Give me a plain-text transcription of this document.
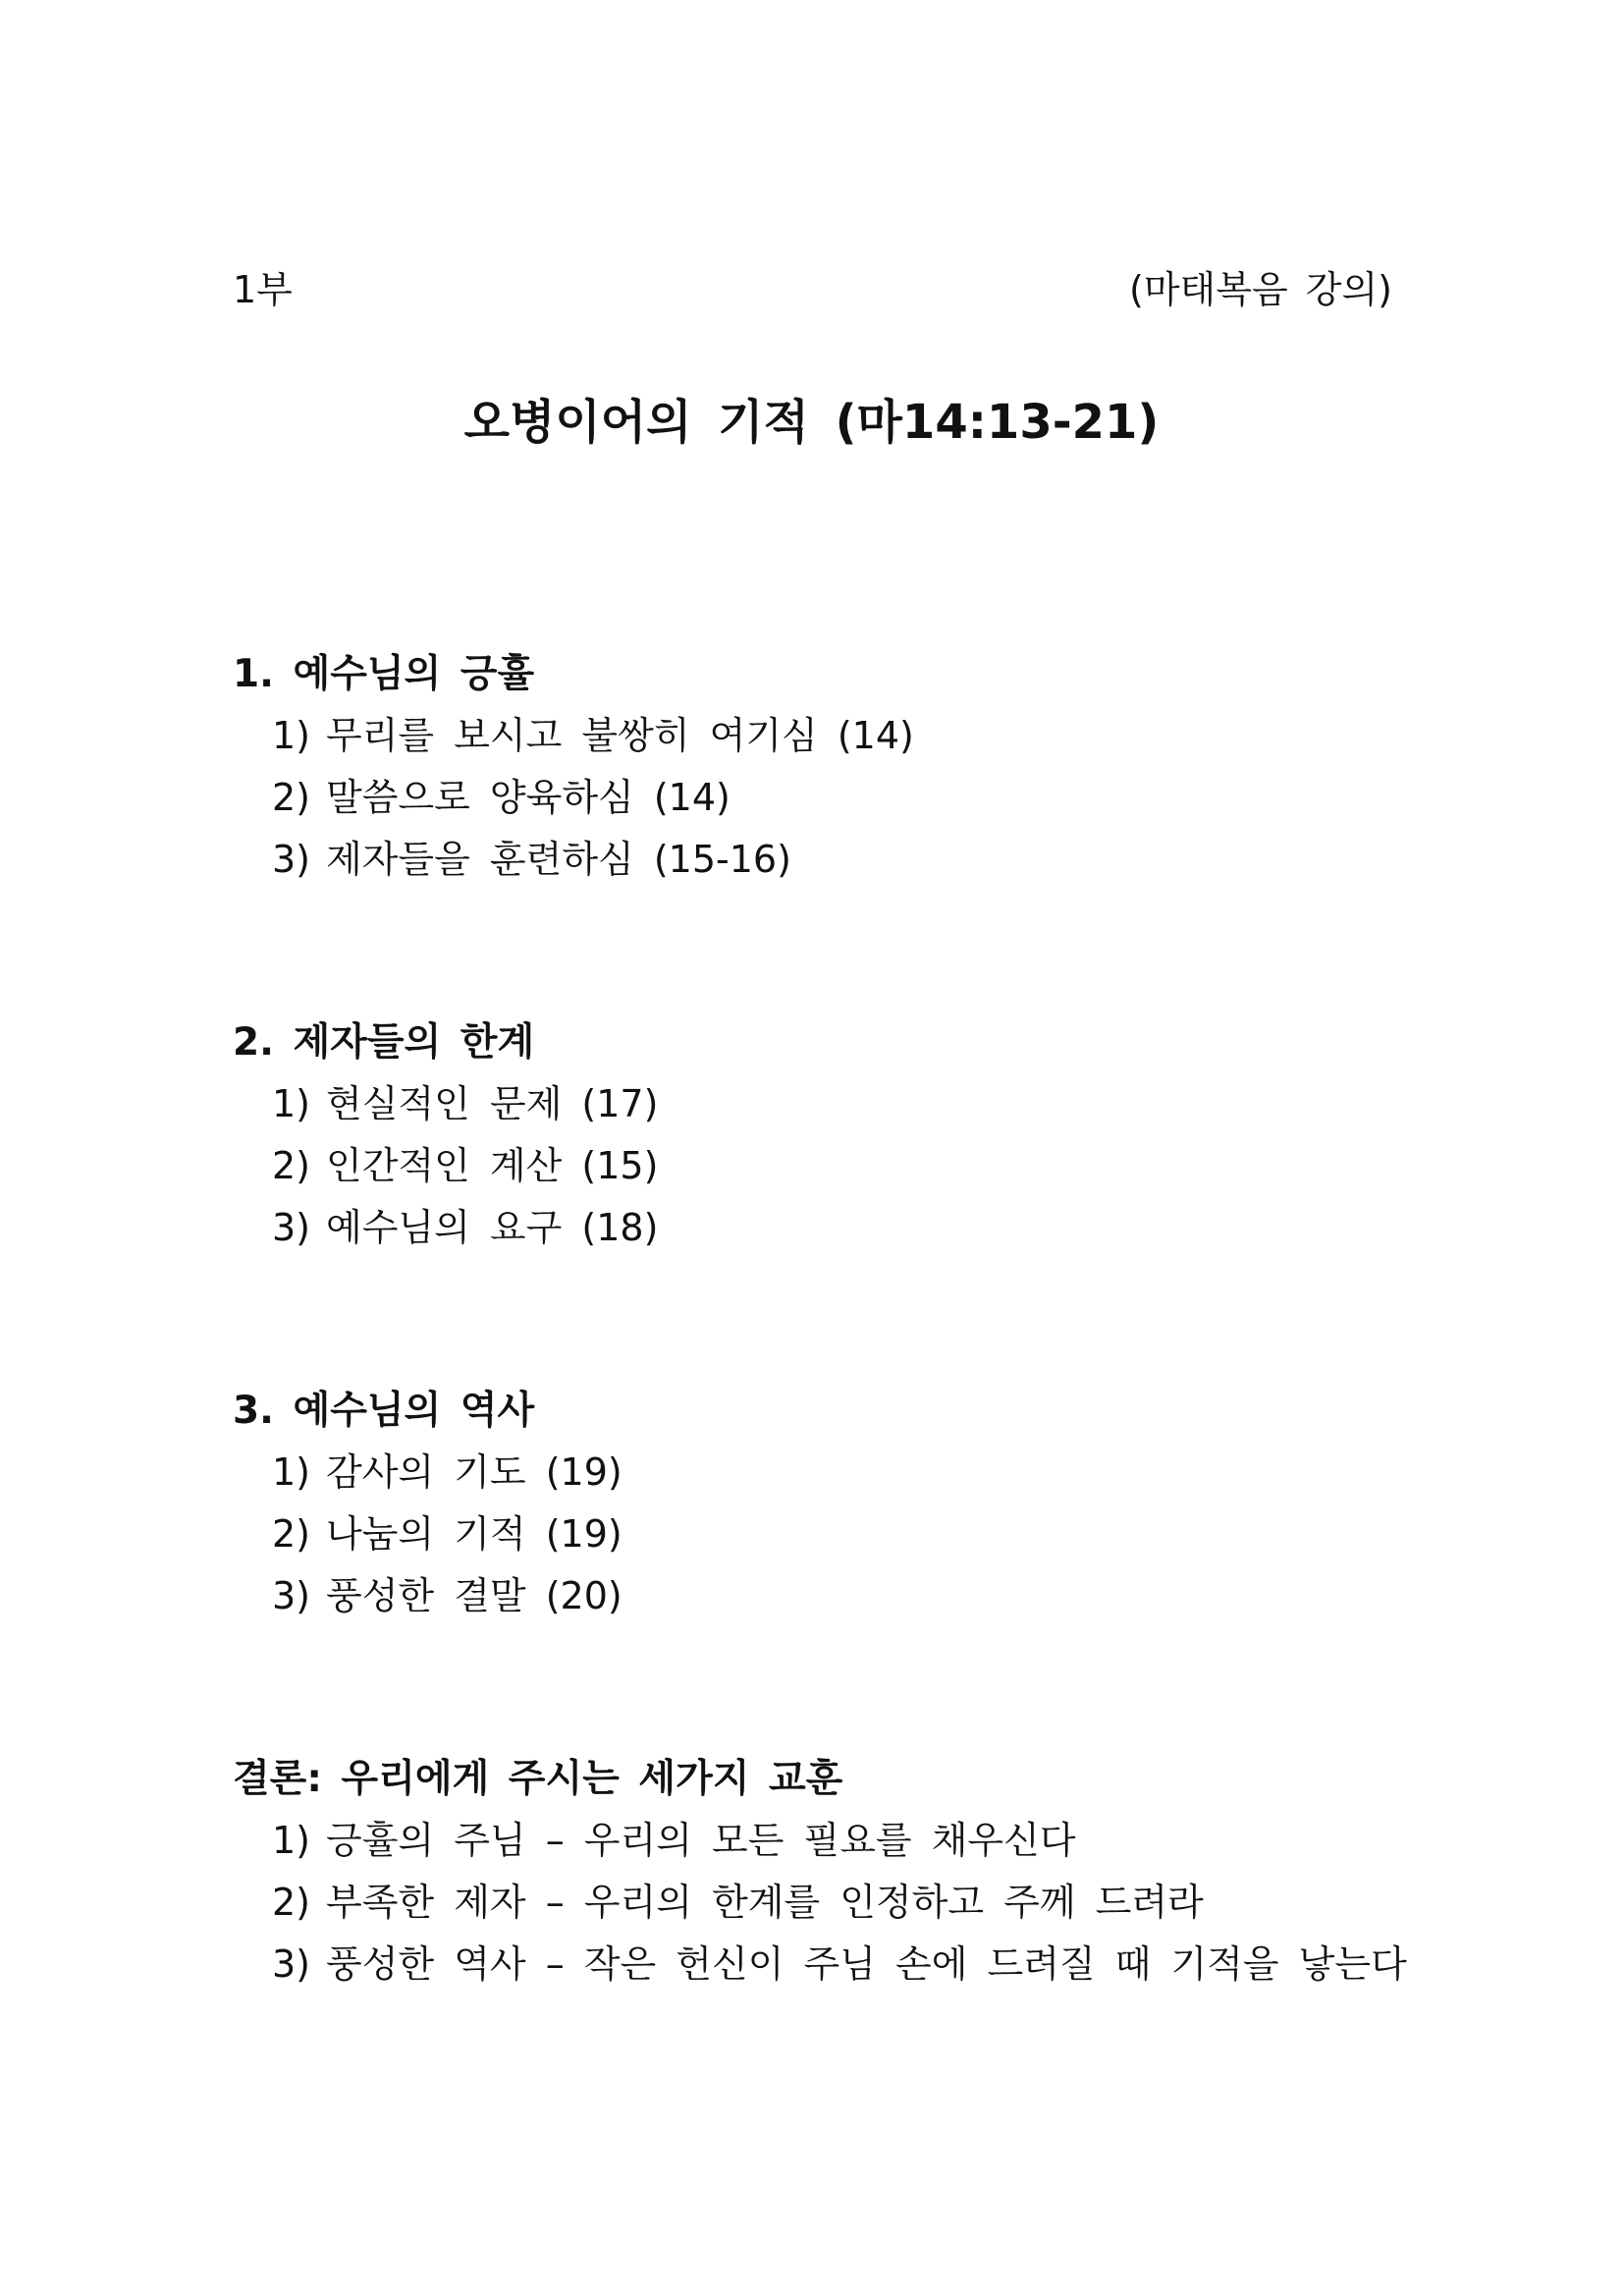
1부	(마태복음 강의)
오병이어의 기적 (마14:13-21)
1. 예수님의 긍휼
1) 무리를 보시고 불쌍히 여기심 (14)
2) 말씀으로 양육하심 (14)
3) 제자들을 훈련하심 (15-16)
2. 제자들의 한계
1) 현실적인 문제 (17)
2) 인간적인 계산 (15)
3) 예수님의 요구 (18)
3. 예수님의 역사
1) 감사의 기도 (19)
2) 나눔의 기적 (19)
3) 풍성한 결말 (20)
결론: 우리에게 주시는 세가지 교훈
1) 긍휼의 주님 – 우리의 모든 필요를 채우신다
2) 부족한 제자 – 우리의 한계를 인정하고 주께 드려라
3) 풍성한 역사 – 작은 헌신이 주님 손에 드려질 때 기적을 낳는다
